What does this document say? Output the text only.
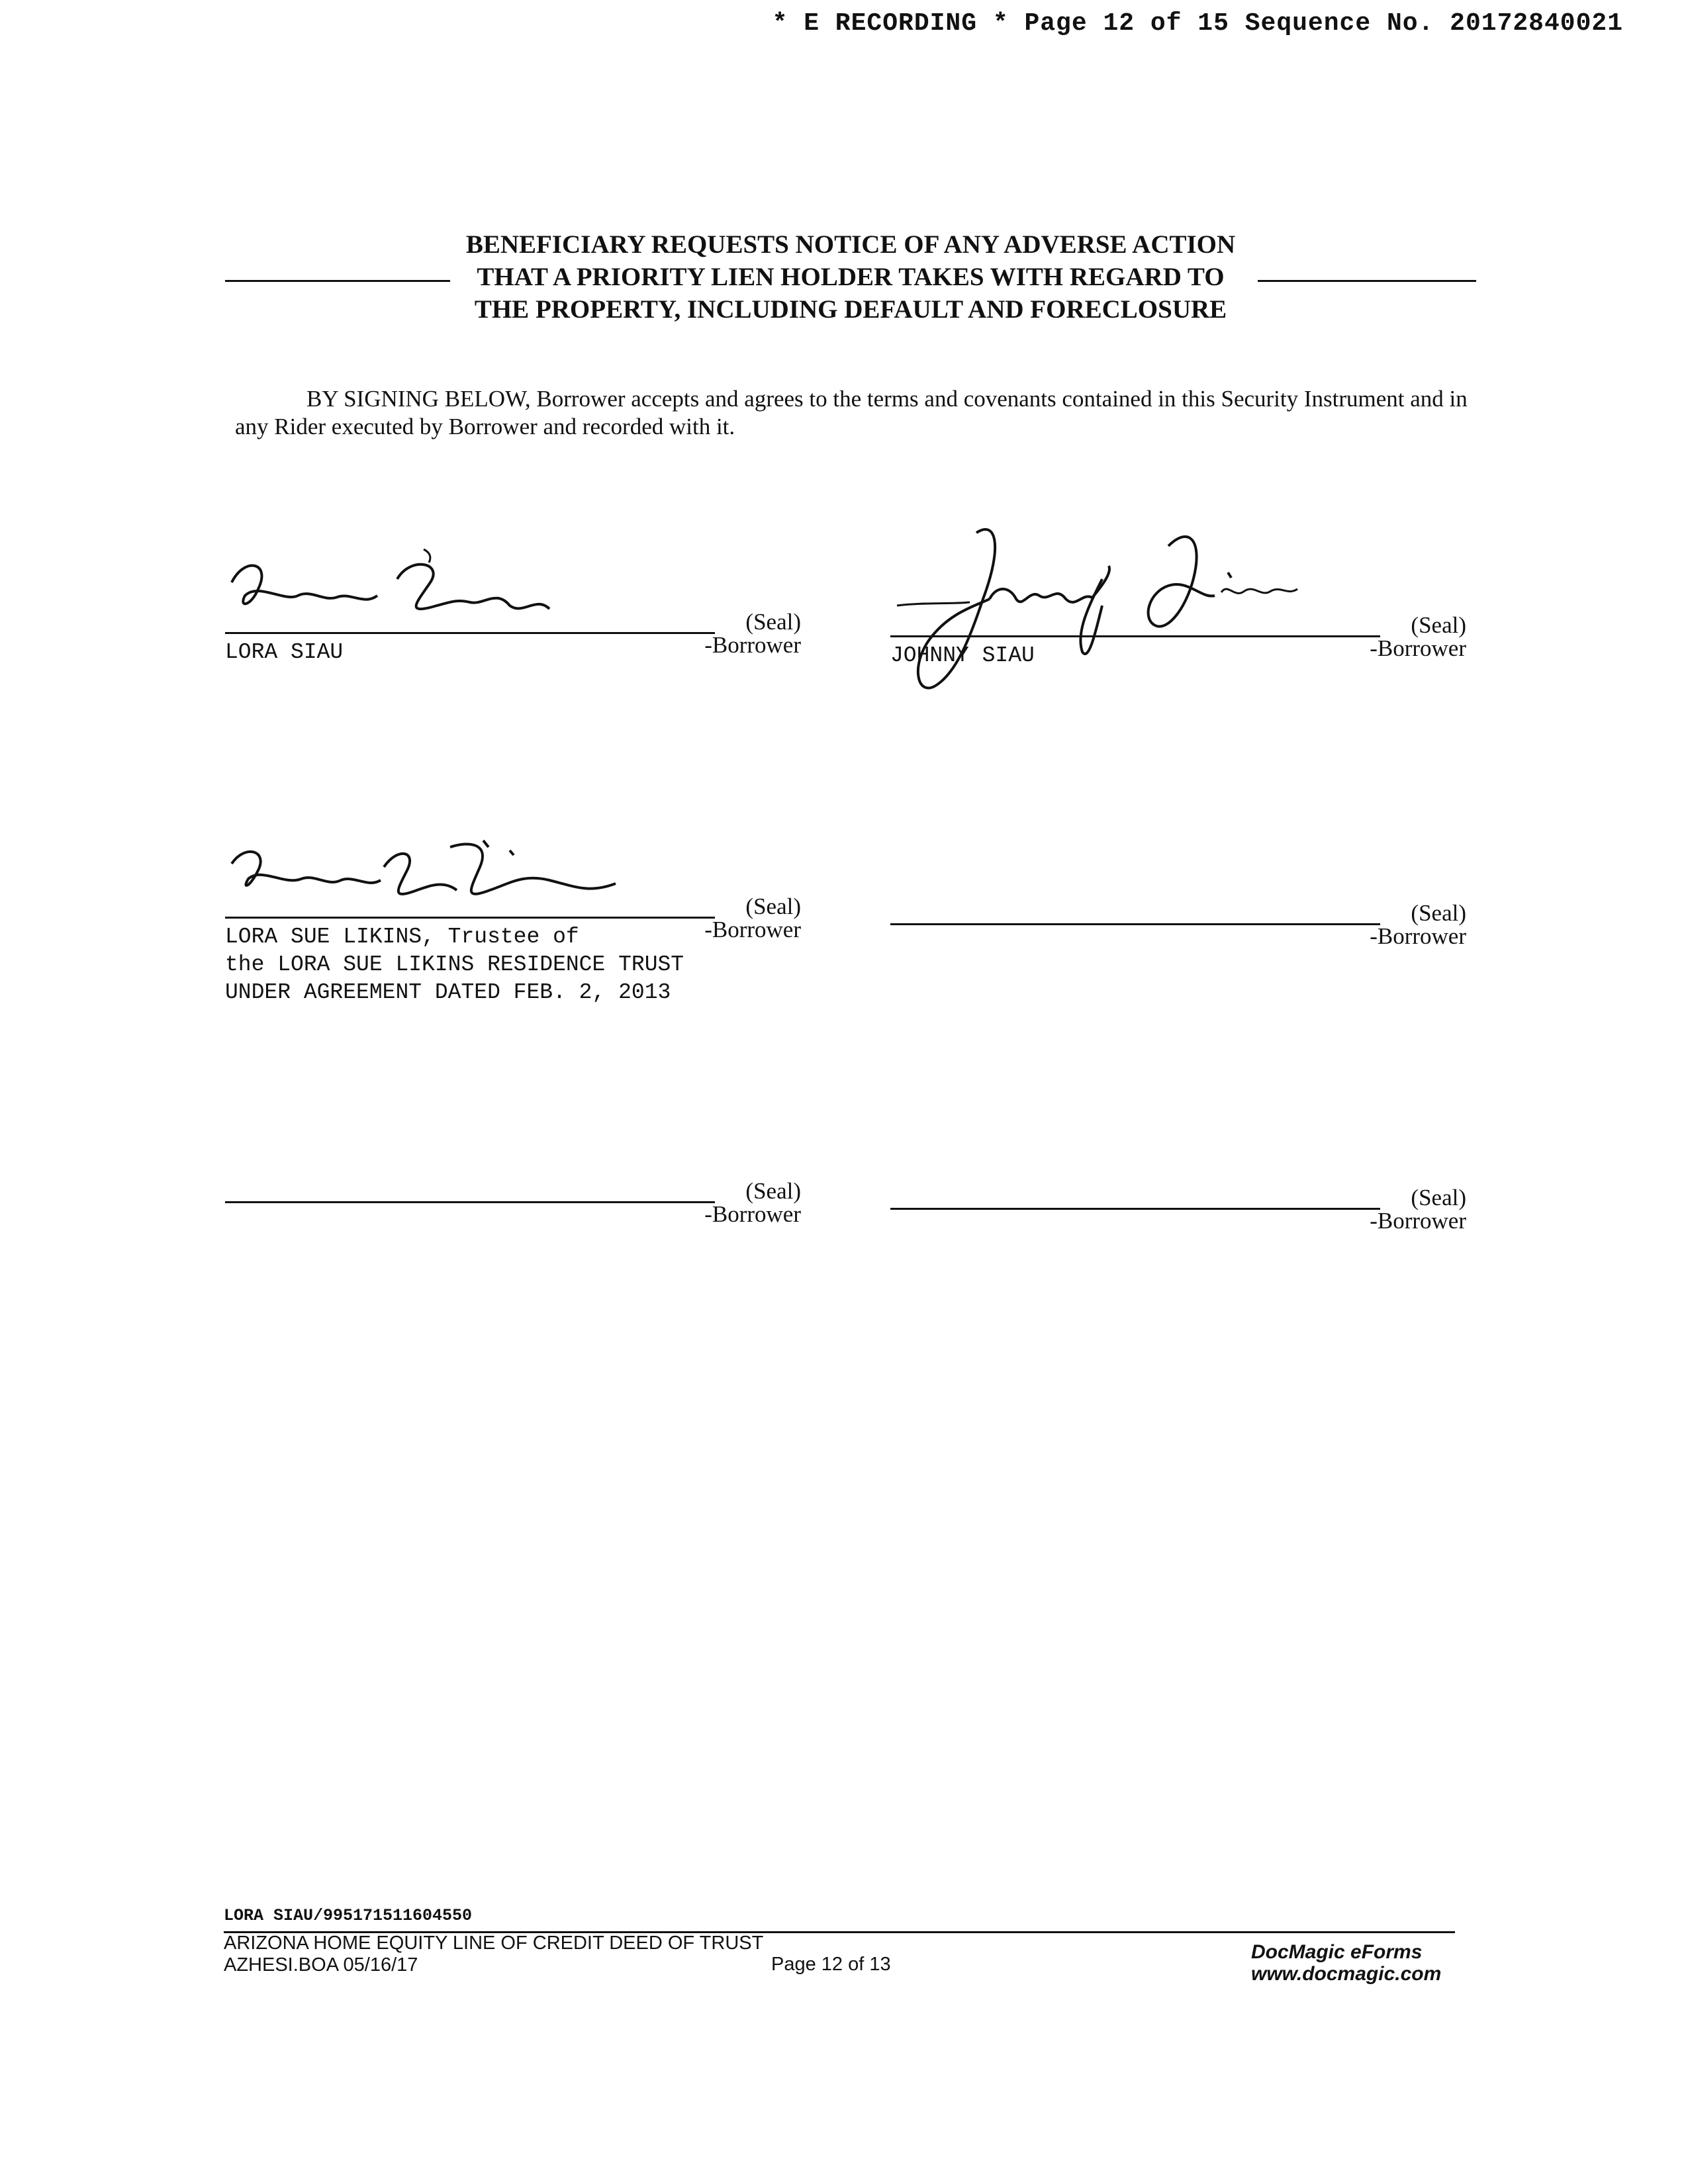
* E RECORDING * Page 12 of 15 Sequence No. 20172840021
BENEFICIARY REQUESTS NOTICE OF ANY ADVERSE ACTION
THAT A PRIORITY LIEN HOLDER TAKES WITH REGARD TO
THE PROPERTY, INCLUDING DEFAULT AND FORECLOSURE

BY SIGNING BELOW, Borrower accepts and agrees to the terms and covenants contained in this Security Instrument and in any Rider executed by Borrower and recorded with it.

(Seal)
-Borrower
LORA SIAU
(Seal)
-Borrower
JOHNNY SIAU
(Seal)
-Borrower
LORA SUE LIKINS, Trustee of
the LORA SUE LIKINS RESIDENCE TRUST
UNDER AGREEMENT DATED FEB. 2, 2013
(Seal)
-Borrower
(Seal)
-Borrower
(Seal)
-Borrower
LORA SIAU/995171511604550
ARIZONA HOME EQUITY LINE OF CREDIT DEED OF TRUST
AZHESI.BOA 05/16/17	Page 12 of 13
DocMagic eForms
www.docmagic.com
